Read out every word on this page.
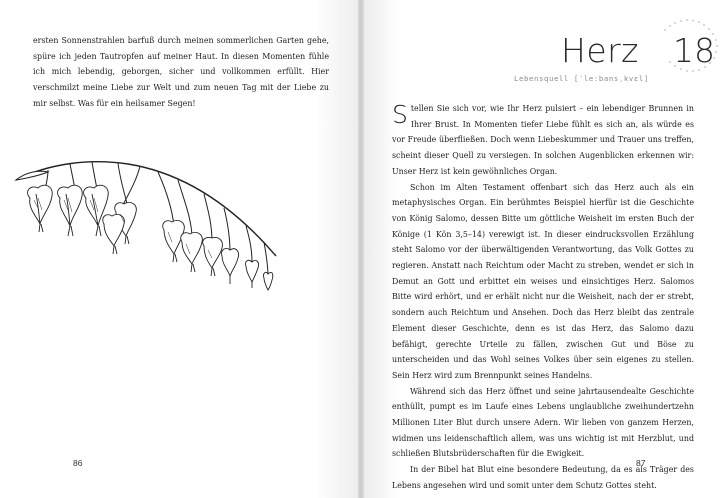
ersten Sonnenstrahlen barfuß durch meinen sommerlichen Garten gehe, spüre ich jeden Tautropfen auf meiner Haut. In diesen Momenten fühle ich mich lebendig, geborgen, sicher und vollkommen erfüllt. Hier verschmilzt meine Liebe zur Welt und zum neuen Tag mit der Liebe zu mir selbst. Was für ein heilsamer Segen!

86
Herz 18
Lebensquell [ˈleːbansˌkvɛl]

Stellen Sie sich vor, wie Ihr Herz pulsiert – ein lebendiger Brunnen in Ihrer Brust. In Momenten tiefer Liebe fühlt es sich an, als würde es vor Freude überfließen. Doch wenn Liebeskummer und Trauer uns treffen, scheint dieser Quell zu versiegen. In solchen Augenblicken erkennen wir: Unser Herz ist kein gewöhnliches Organ.

Schon im Alten Testament offenbart sich das Herz auch als ein metaphysisches Organ. Ein berühmtes Beispiel hierfür ist die Geschichte von König Salomo, dessen Bitte um göttliche Weisheit im ersten Buch der Könige (1 Kön 3,5–14) verewigt ist. In dieser eindrucksvollen Erzählung steht Salomo vor der überwältigenden Verantwortung, das Volk Gottes zu regieren. Anstatt nach Reichtum oder Macht zu streben, wendet er sich in Demut an Gott und erbittet ein weises und einsichtiges Herz. Salomos Bitte wird erhört, und er erhält nicht nur die Weisheit, nach der er strebt, sondern auch Reichtum und Ansehen. Doch das Herz bleibt das zentrale Element dieser Geschichte, denn es ist das Herz, das Salomo dazu befähigt, gerechte Urteile zu fällen, zwischen Gut und Böse zu unterscheiden und das Wohl seines Volkes über sein eigenes zu stellen. Sein Herz wird zum Brennpunkt seines Handelns.

Während sich das Herz öffnet und seine jahrtausendealte Geschichte enthüllt, pumpt es im Laufe eines Lebens unglaubliche zweihundertzehn Millionen Liter Blut durch unsere Adern. Wir lieben von ganzem Herzen, widmen uns leidenschaftlich allem, was uns wichtig ist mit Herzblut, und schließen Blutsbrüderschaften für die Ewigkeit.

In der Bibel hat Blut eine besondere Bedeutung, da es als Träger des Lebens angesehen wird und somit unter dem Schutz Gottes steht.

87
